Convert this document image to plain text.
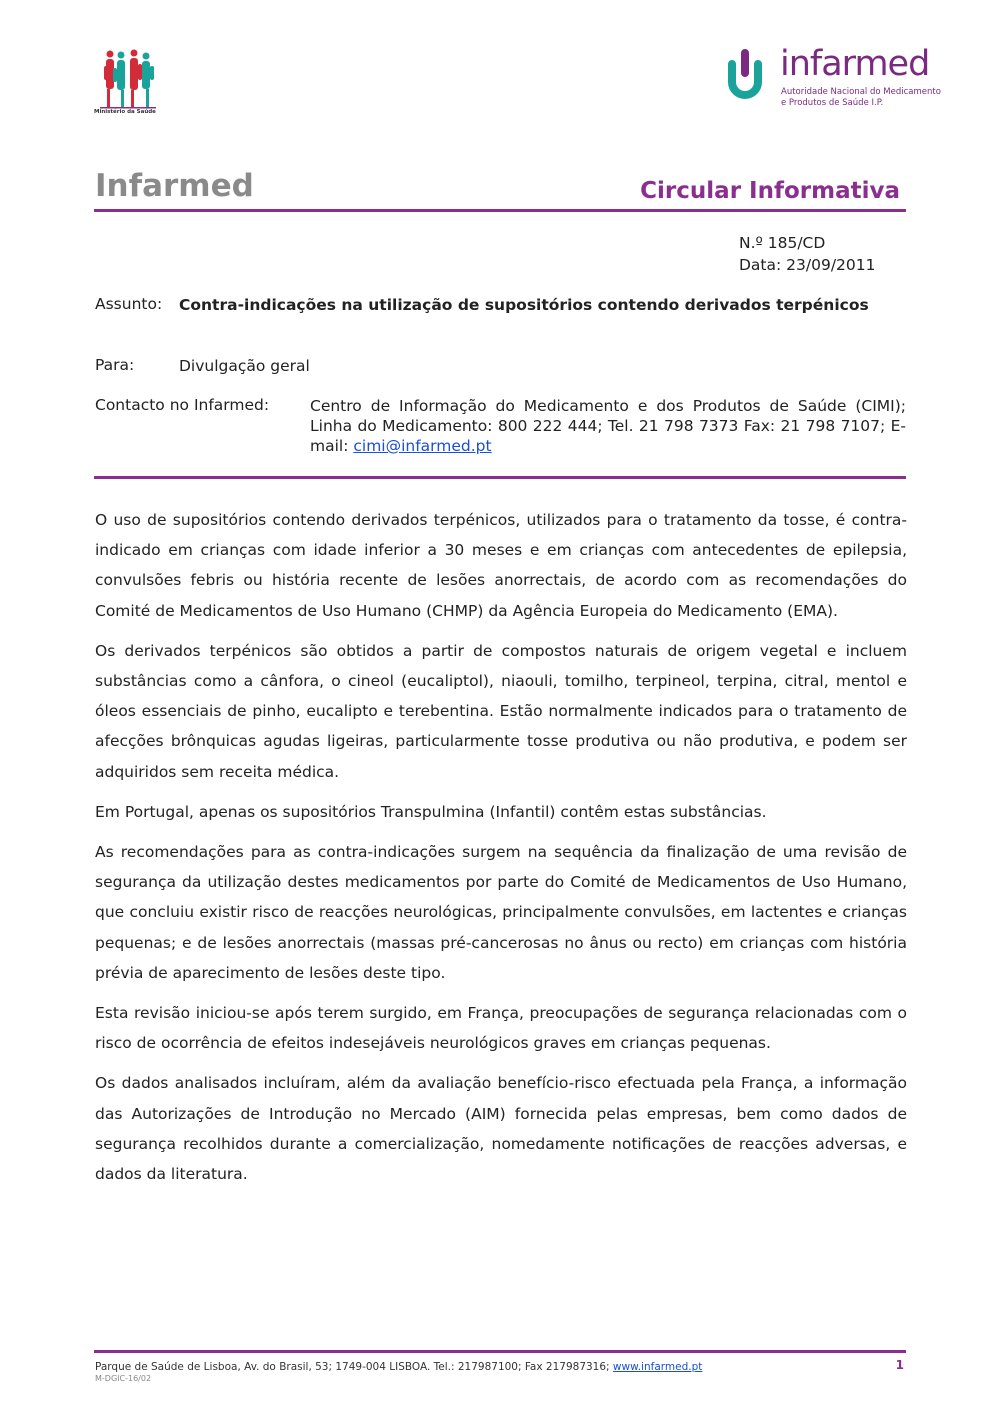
Ministério da Saúde
infarmed
Autoridade Nacional do Medicamento
e Produtos de Saúde I.P.
Infarmed	Circular Informativa
N.º 185/CD
Data: 23/09/2011
Assunto: Contra-indicações na utilização de supositórios contendo derivados terpénicos
Para:	Divulgação geral
Contacto no Infarmed:	Centro de Informação do Medicamento e dos Produtos de Saúde (CIMI); Linha do Medicamento: 800 222 444; Tel. 21 798 7373 Fax: 21 798 7107; E-mail: cimi@infarmed.pt

O uso de supositórios contendo derivados terpénicos, utilizados para o tratamento da tosse, é contra-indicado em crianças com idade inferior a 30 meses e em crianças com antecedentes de epilepsia, convulsões febris ou história recente de lesões anorrectais, de acordo com as recomendações do Comité de Medicamentos de Uso Humano (CHMP) da Agência Europeia do Medicamento (EMA).

Os derivados terpénicos são obtidos a partir de compostos naturais de origem vegetal e incluem substâncias como a cânfora, o cineol (eucaliptol), niaouli, tomilho, terpineol, terpina, citral, mentol e óleos essenciais de pinho, eucalipto e terebentina. Estão normalmente indicados para o tratamento de afecções brônquicas agudas ligeiras, particularmente tosse produtiva ou não produtiva, e podem ser adquiridos sem receita médica.

Em Portugal, apenas os supositórios Transpulmina (Infantil) contêm estas substâncias.

As recomendações para as contra-indicações surgem na sequência da finalização de uma revisão de segurança da utilização destes medicamentos por parte do Comité de Medicamentos de Uso Humano, que concluiu existir risco de reacções neurológicas, principalmente convulsões, em lactentes e crianças pequenas; e de lesões anorrectais (massas pré-cancerosas no ânus ou recto) em crianças com história prévia de aparecimento de lesões deste tipo.

Esta revisão iniciou-se após terem surgido, em França, preocupações de segurança relacionadas com o risco de ocorrência de efeitos indesejáveis neurológicos graves em crianças pequenas.

Os dados analisados incluíram, além da avaliação benefício-risco efectuada pela França, a informação das Autorizações de Introdução no Mercado (AIM) fornecida pelas empresas, bem como dados de segurança recolhidos durante a comercialização, nomedamente notificações de reacções adversas, e dados da literatura.

Parque de Saúde de Lisboa, Av. do Brasil, 53; 1749-004 LISBOA. Tel.: 217987100; Fax 217987316; www.infarmed.pt
M-DGIC-16/02
1
